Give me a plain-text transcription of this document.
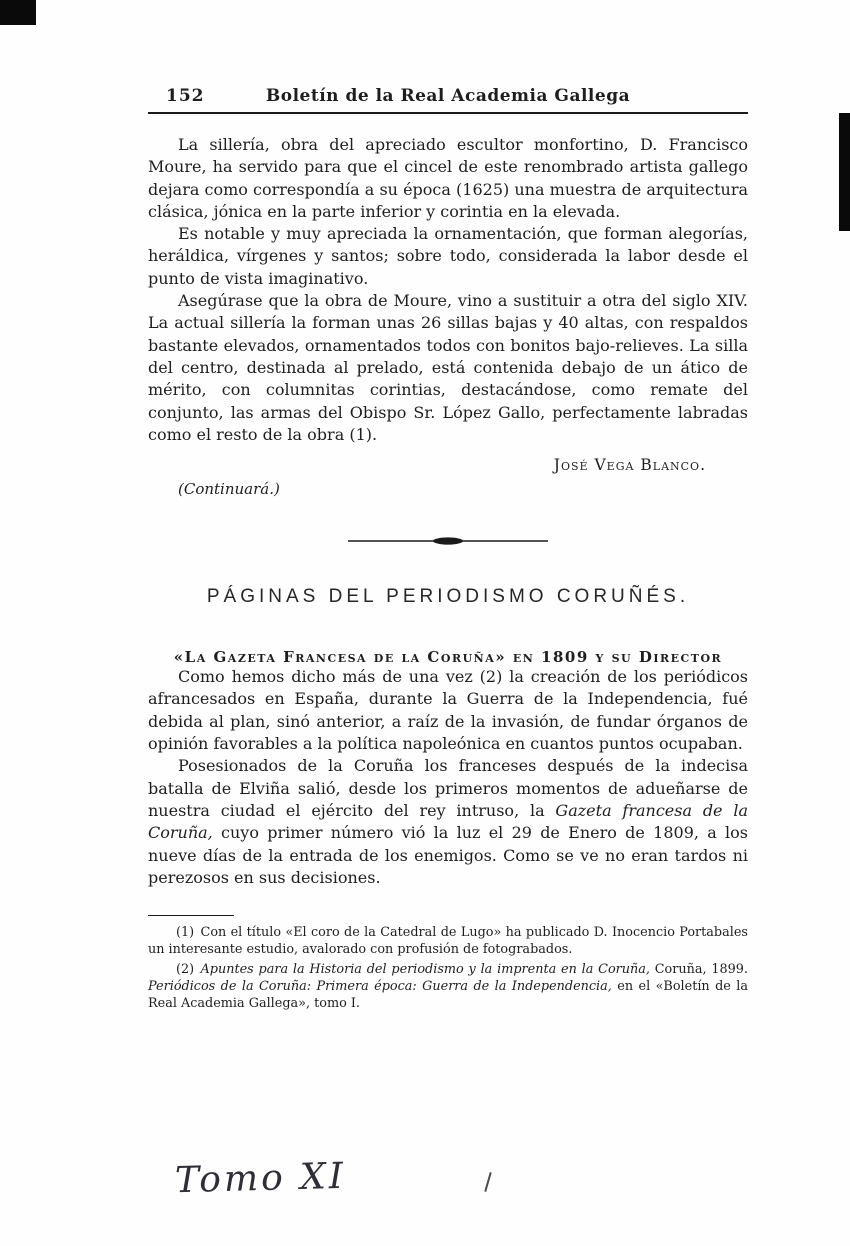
152	Boletín de la Real Academia Gallega

La sillería, obra del apreciado escultor monfortino, D. Francisco Moure, ha servido para que el cincel de este renombrado artista gallego dejara como correspondía a su época (1625) una muestra de arquitectura clásica, jónica en la parte inferior y corintia en la elevada.

Es notable y muy apreciada la ornamentación, que forman alegorías, heráldica, vírgenes y santos; sobre todo, considerada la labor desde el punto de vista imaginativo.

Asegúrase que la obra de Moure, vino a sustituir a otra del siglo XIV. La actual sillería la forman unas 26 sillas bajas y 40 altas, con respaldos bastante elevados, ornamentados todos con bonitos bajo-relieves. La silla del centro, destinada al prelado, está contenida debajo de un ático de mérito, con columnitas corintias, destacándose, como remate del conjunto, las armas del Obispo Sr. López Gallo, perfectamente labradas como el resto de la obra (1).

José Vega Blanco.
(Continuará.)
PÁGINAS DEL PERIODISMO CORUÑÉS.
«La Gazeta Francesa de la Coruña» en 1809 y su Director

Como hemos dicho más de una vez (2) la creación de los periódicos afrancesados en España, durante la Guerra de la Independencia, fué debida al plan, sinó anterior, a raíz de la invasión, de fundar órganos de opinión favorables a la política napoleónica en cuantos puntos ocupaban.

Posesionados de la Coruña los franceses después de la indecisa batalla de Elviña salió, desde los primeros momentos de adueñarse de nuestra ciudad el ejército del rey intruso, la Gazeta francesa de la Coruña, cuyo primer número vió la luz el 29 de Enero de 1809, a los nueve días de la entrada de los enemigos. Como se ve no eran tardos ni perezosos en sus decisiones.

(1) Con el título «El coro de la Catedral de Lugo» ha publicado D. Inocencio Portabales un interesante estudio, avalorado con profusión de fotograbados.

(2) Apuntes para la Historia del periodismo y la imprenta en la Coruña, Coruña, 1899. Periódicos de la Coruña: Primera época: Guerra de la Independencia, en el «Boletín de la Real Academia Gallega», tomo I.

Tomo XI
